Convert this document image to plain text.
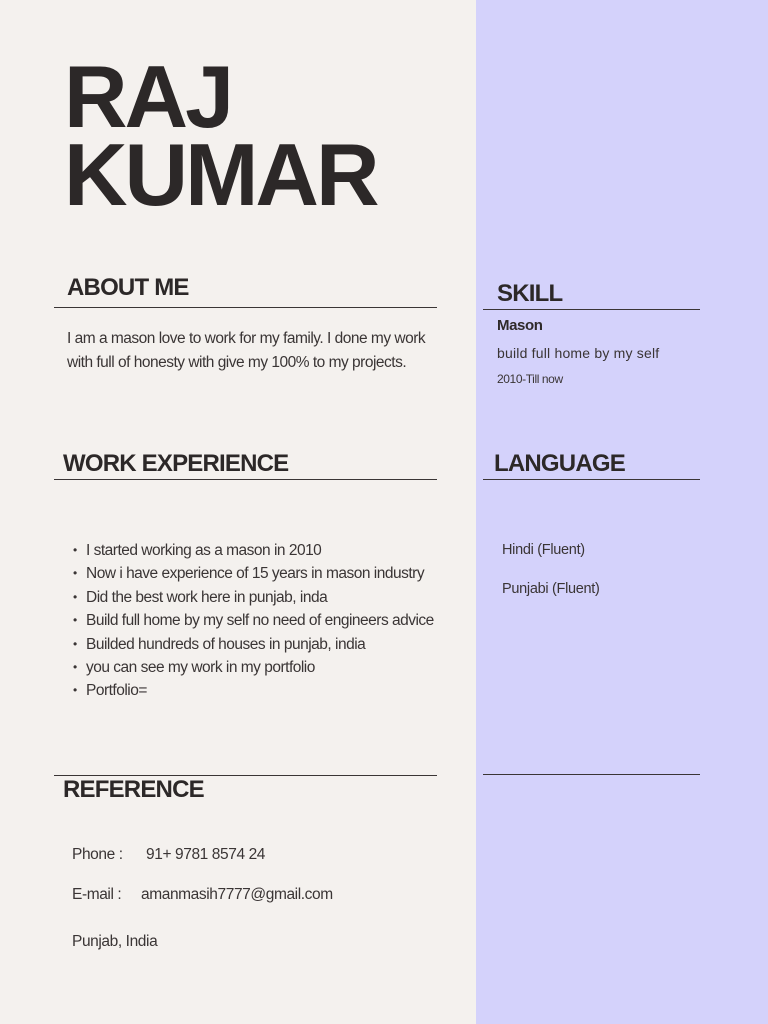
RAJ
KUMAR
ABOUT ME
I am a mason love to work for my family. I done my work with full of honesty with give my 100% to my projects.
WORK EXPERIENCE
• I started working as a mason in 2010
• Now i have experience of 15 years in mason industry
• Did the best work here in punjab, inda
• Build full home by my self no need of engineers advice
• Builded hundreds of houses in punjab, india
• you can see my work in my portfolio
• Portfolio=
REFERENCE
Phone : 91+ 9781 8574 24
E-mail : amanmasih7777@gmail.com
Punjab, India
SKILL
Mason
build full home by my self
2010-Till now
LANGUAGE
Hindi (Fluent)
Punjabi (Fluent)
